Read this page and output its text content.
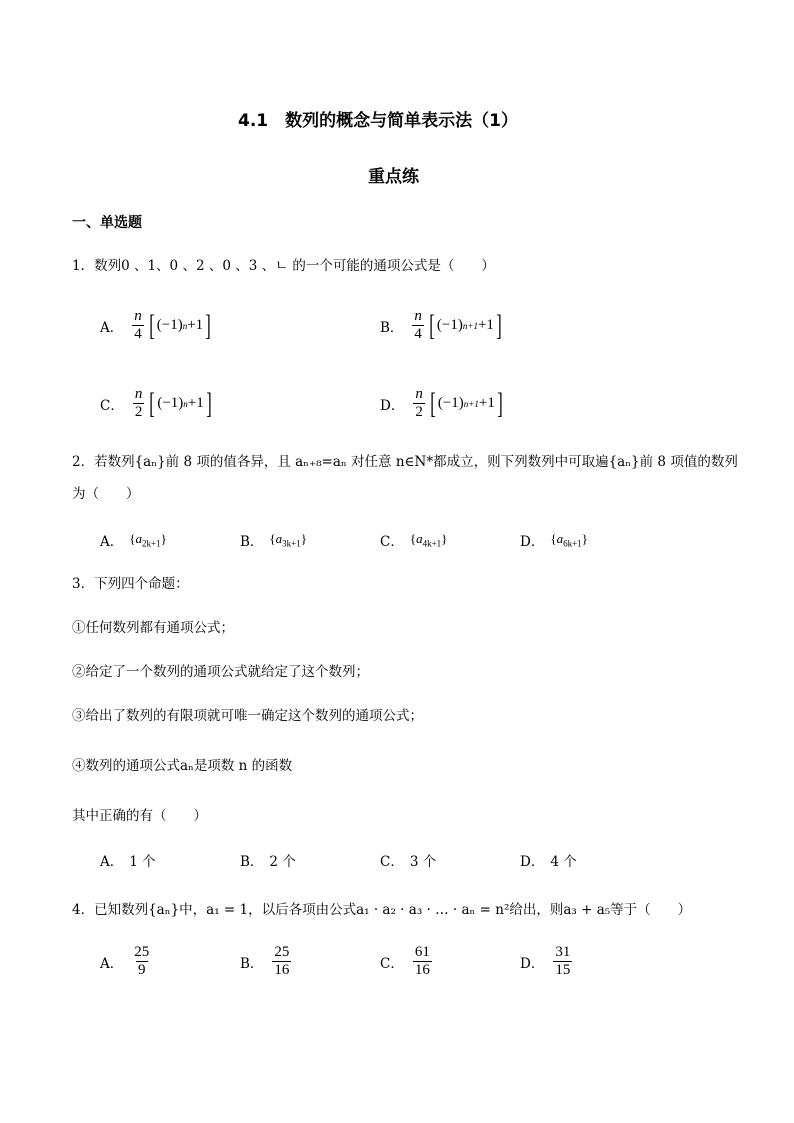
4.1　数列的概念与简单表示法（1）
重点练
一、单选题
1．数列0 、1、0 、2 、0 、3 、ㄴ 的一个可能的通项公式是（　　）
A． $\frac{n}{4}$ [ (−1) n +1 ]	B． $\frac{n}{4}$ [ (−1) n+1 +1 ]
C． $\frac{n}{2}$ [ (−1) n +1 ]	D． $\frac{n}{2}$ [ (−1) n+1 +1 ]
2．若数列{aₙ}前 8 项的值各异，且 aₙ₊₈=aₙ 对任意 n∈N*都成立，则下列数列中可取遍{aₙ}前 8 项值的数列
为（　　）
A． $\{a_{2k+1}\}$	B． $\{a_{3k+1}\}$	C． $\{a_{4k+1}\}$	D． $\{a_{6k+1}\}$
3．下列四个命题：
①任何数列都有通项公式；
②给定了一个数列的通项公式就给定了这个数列；
③给出了数列的有限项就可唯一确定这个数列的通项公式；
④数列的通项公式aₙ是项数 n 的函数
其中正确的有（　　）
A． 1 个	B． 2 个	C． 3 个	D． 4 个
4．已知数列{aₙ}中，a₁ = 1，以后各项由公式a₁ · a₂ · a₃ · … · aₙ = n²给出，则a₃ + a₅等于（　　）
A． $\frac{25}{9}$	B． $\frac{25}{16}$	C． $\frac{61}{16}$	D． $\frac{31}{15}$
